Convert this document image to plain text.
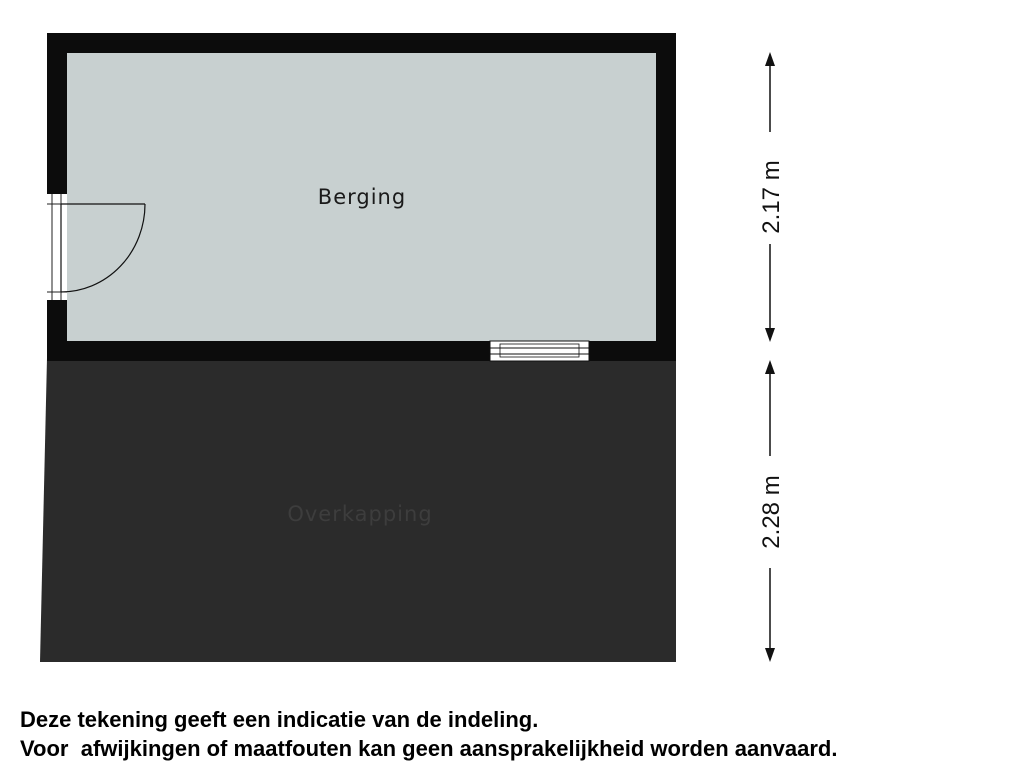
Berging
Overkapping
2.17 m
2.28 m

Deze tekening geeft een indicatie van de indeling.
Voor  afwijkingen of maatfouten kan geen aansprakelijkheid worden aanvaard.
